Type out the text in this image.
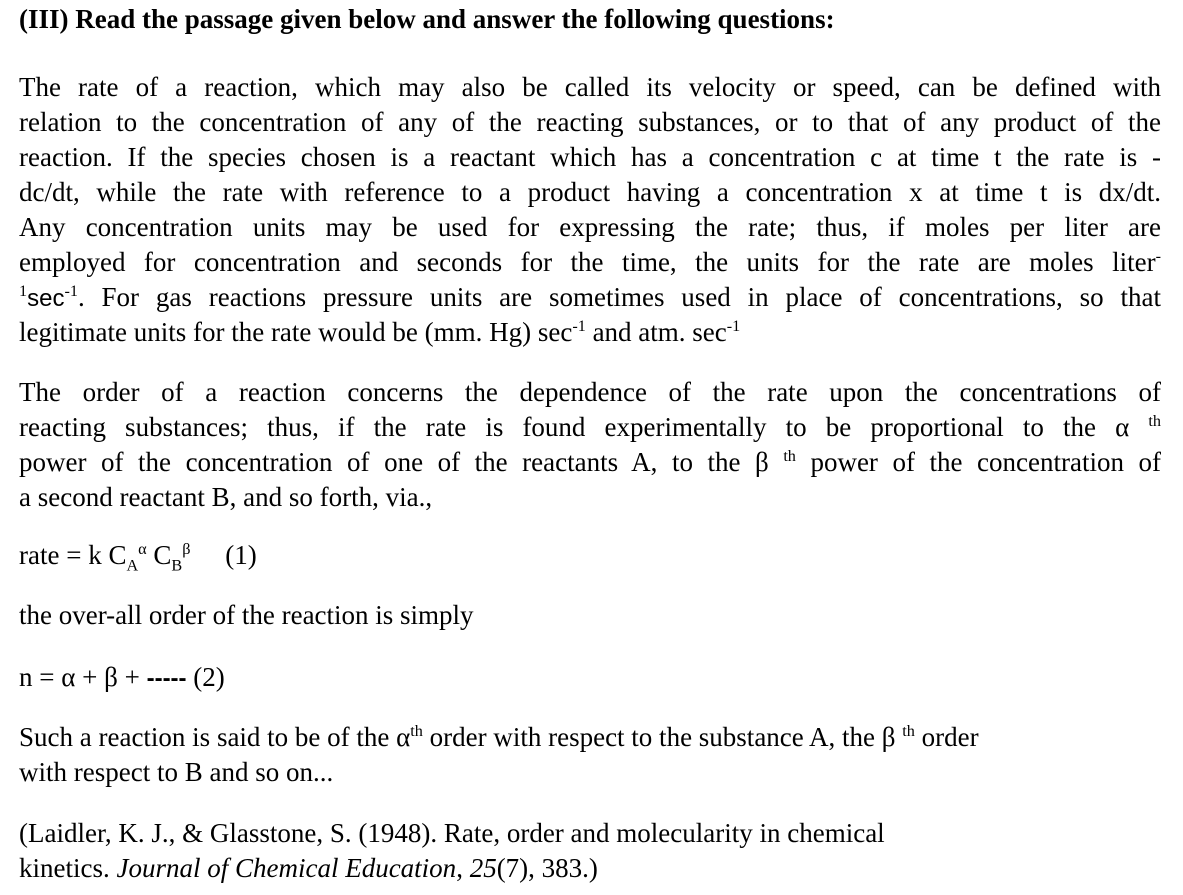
(III) Read the passage given below and answer the following questions:
The rate of a reaction, which may also be called its velocity or speed, can be defined with
relation to the concentration of any of the reacting substances, or to that of any product of the
reaction. If the species chosen is a reactant which has a concentration c at time t the rate is -
dc/dt, while the rate with reference to a product having a concentration x at time t is dx/dt.
Any concentration units may be used for expressing the rate; thus, if moles per liter are
employed for concentration and seconds for the time, the units for the rate are moles liter-
$^1\sec^{-1}$. For gas reactions pressure units are sometimes used in place of concentrations, so that
legitimate units for the rate would be (mm. Hg) $\sec^{-1}$ and atm. $\sec^{-1}$
The order of a reaction concerns the dependence of the rate upon the concentrations of
reacting substances; thus, if the rate is found experimentally to be proportional to the α $^{th}$
power of the concentration of one of the reactants A, to the β $^{th}$ power of the concentration of
a second reactant B, and so forth, via.,
rate = k $C_A^\alpha$ $C_B^\beta$ (1)
the over-all order of the reaction is simply
n = α + β + ----- (2)
Such a reaction is said to be of the $\alpha^{th}$ order with respect to the substance A, the β $^{th}$ order
with respect to B and so on...
(Laidler, K. J., & Glasstone, S. (1948). Rate, order and molecularity in chemical
kinetics. Journal of Chemical Education, 25(7), 383.)
